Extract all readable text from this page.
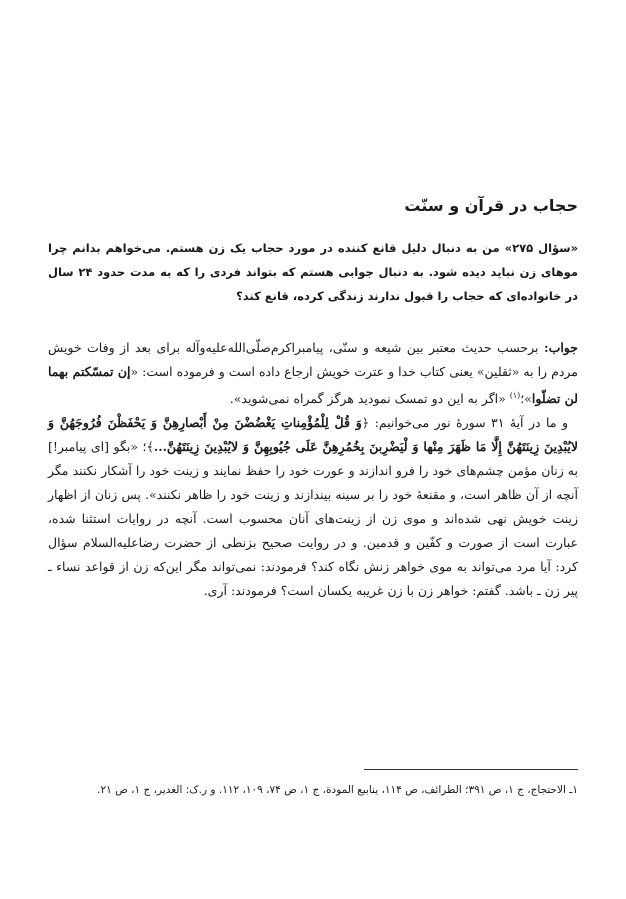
حجاب در قرآن و سنّت

«سؤال ۲۷۵» من به دنبال دلیل قانع کننده در مورد حجاب یک زن هستم. می‌خواهم بدانم چرا موهای زن نباید دیده شود. به دنبال جوابی هستم که بتواند فردی را که به مدت حدود ۲۴ سال در خانواده‌ای که حجاب را قبول ندارند زندگی کرده، قانع کند؟

جواب: برحسب حدیث معتبر بین شیعه و سنّی، پیامبراکرم‌صلّی‌الله‌علیه‌وآله برای بعد از وفات خویش مردم را به «ثقلین» یعنی کتاب خدا و عترت خویش ارجاع داده است و فرموده است: «إن تمسّكتم بهما لن تضلّوا»؛$^{(۱)}$ «اگر به این دو تمسک نمودید هرگز گمراه نمی‌شوید».

و ما در آیهٔ ۳۱ سورهٔ نور می‌خوانیم: ﴿وَ قُلْ لِلْمُؤْمِناتِ يَغْضُضْنَ مِنْ أَبْصارِهِنَّ وَ يَحْفَظْنَ فُرُوجَهُنَّ وَ لايُبْدِينَ زِينَتَهُنَّ إِلَّا مَا ظَهَرَ مِنْها وَ لْيَضْرِبنَ بِخُمُرِهِنَّ عَلَى جُيُوبِهِنَّ وَ لايُبْدِينَ زِينَتَهُنَّ...﴾؛ «بگو [ای پیامبر!] به زنان مؤمن چشم‌های خود را فرو اندازند و عورت خود را حفظ نمایند و زینت خود را آشکار نکنند مگر آنچه از آن ظاهر است، و مقنعهٔ خود را بر سینه بیندازند و زینت خود را ظاهر نکنند». پس زنان از اظهار زینت خویش نهی شده‌اند و موی زن از زینت‌های آنان محسوب است. آنچه در روایات استثنا شده، عبارت است از صورت و کفّین و قدمین. و در روایت صحیح بزنطی از حضرت رضاعلیه‌السلام سؤال کرد: آیا مرد می‌تواند به موی خواهر زنش نگاه کند؟ فرمودند: نمی‌تواند مگر این‌که زن از قواعد نساء ـ پیر زن ـ باشد. گفتم: خواهر زن با زن غریبه یکسان است؟ فرمودند: آری.

۱ـ الاحتجاج، ج ۱، ص ۳۹۱؛ الطرائف، ص ۱۱۴، ینابیع المودة، ج ۱، ص ۷۴، ۱۰۹، ۱۱۲. و ر.ک: الغدیر، ج ۱، ص ۲۱.
